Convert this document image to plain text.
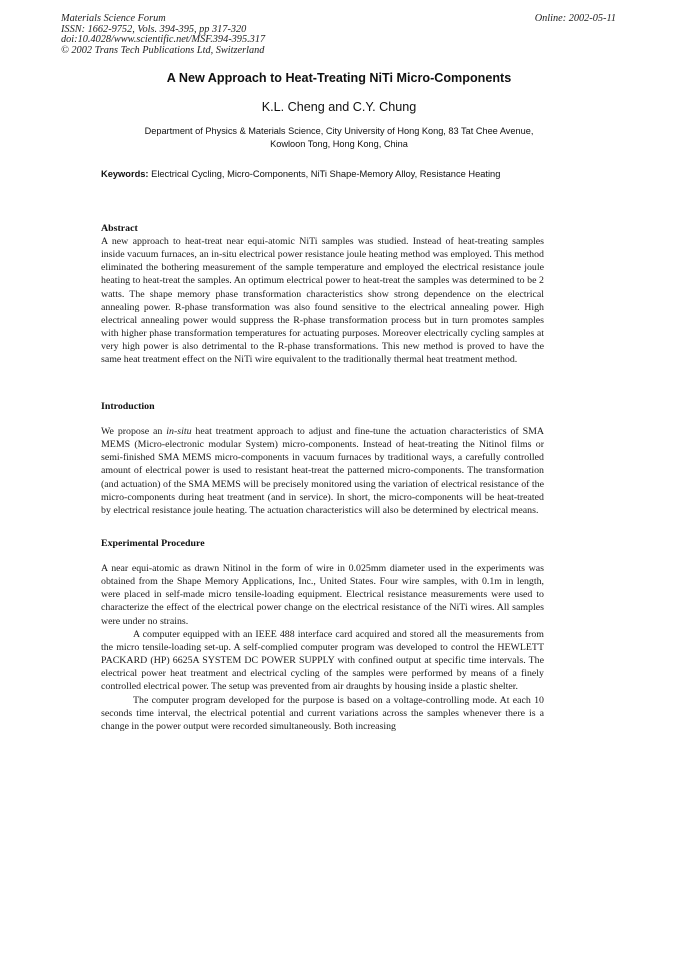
Materials Science Forum
ISSN: 1662-9752, Vols. 394-395, pp 317-320
doi:10.4028/www.scientific.net/MSF.394-395.317
© 2002 Trans Tech Publications Ltd, Switzerland
Online: 2002-05-11
A New Approach to Heat-Treating NiTi Micro-Components
K.L. Cheng and C.Y. Chung
Department of Physics & Materials Science, City University of Hong Kong, 83 Tat Chee Avenue,
Kowloon Tong, Hong Kong, China
Keywords: Electrical Cycling, Micro-Components, NiTi Shape-Memory Alloy, Resistance Heating
Abstract

A new approach to heat-treat near equi-atomic NiTi samples was studied. Instead of heat-treating samples inside vacuum furnaces, an in-situ electrical power resistance joule heating method was employed. This method eliminated the bothering measurement of the sample temperature and employed the electrical resistance joule heating to heat-treat the samples. An optimum electrical power to heat-treat the samples was determined to be 2 watts. The shape memory phase transformation characteristics show strong dependence on the electrical annealing power. R-phase transformation was also found sensitive to the electrical annealing power. High electrical annealing power would suppress the R-phase transformation process but in turn promotes samples with higher phase transformation temperatures for actuating purposes. Moreover electrically cycling samples at very high power is also detrimental to the R-phase transformations. This new method is proved to have the same heat treatment effect on the NiTi wire equivalent to the traditionally thermal heat treatment method.

Introduction

We propose an in-situ heat treatment approach to adjust and fine-tune the actuation characteristics of SMA MEMS (Micro-electronic modular System) micro-components. Instead of heat-treating the Nitinol films or semi-finished SMA MEMS micro-components in vacuum furnaces by traditional ways, a carefully controlled amount of electrical power is used to resistant heat-treat the patterned micro-components. The transformation (and actuation) of the SMA MEMS will be precisely monitored using the variation of electrical resistance of the micro-components during heat treatment (and in service). In short, the micro-components will be heat-treated by electrical resistance joule heating. The actuation characteristics will also be determined by electrical means.

Experimental Procedure

A near equi-atomic as drawn Nitinol in the form of wire in 0.025mm diameter used in the experiments was obtained from the Shape Memory Applications, Inc., United States. Four wire samples, with 0.1m in length, were placed in self-made micro tensile-loading equipment. Electrical resistance measurements were used to characterize the effect of the electrical power change on the electrical resistance of the NiTi wires. All samples were under no strains.

A computer equipped with an IEEE 488 interface card acquired and stored all the measurements from the micro tensile-loading set-up. A self-complied computer program was developed to control the HEWLETT PACKARD (HP) 6625A SYSTEM DC POWER SUPPLY with confined output at specific time intervals. The electrical power heat treatment and electrical cycling of the samples were performed by means of a finely controlled electrical power. The setup was prevented from air draughts by housing inside a plastic shelter.

The computer program developed for the purpose is based on a voltage-controlling mode. At each 10 seconds time interval, the electrical potential and current variations across the samples whenever there is a change in the power output were recorded simultaneously. Both increasing
